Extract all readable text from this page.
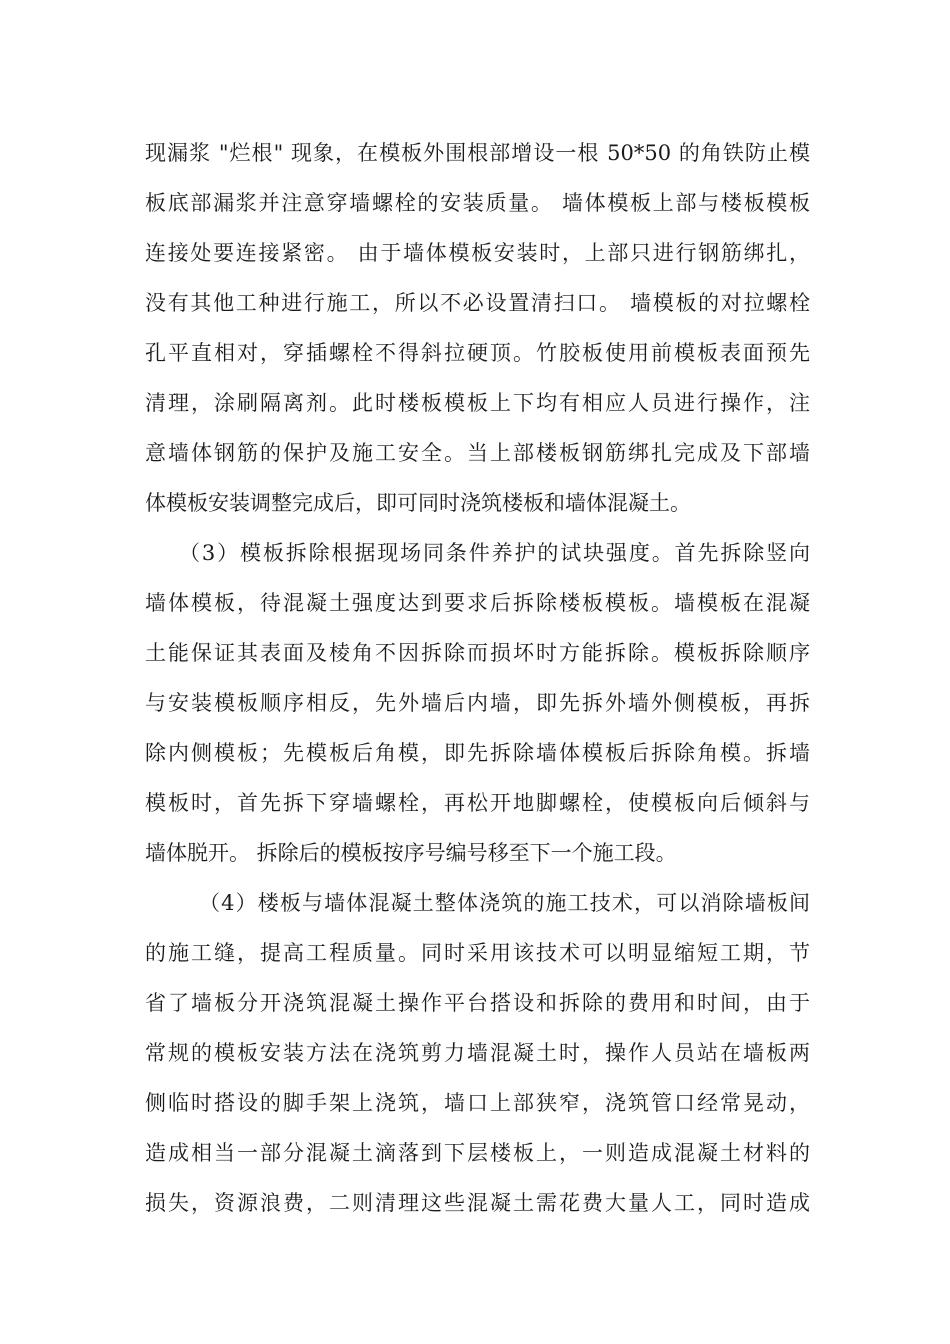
现漏浆 "烂根" 现象，在模板外围根部增设一根 50*50 的角铁防止模
板底部漏浆并注意穿墙螺栓的安装质量。 墙体模板上部与楼板模板
连接处要连接紧密。 由于墙体模板安装时，上部只进行钢筋绑扎，
没有其他工种进行施工，所以不必设置清扫口。 墙模板的对拉螺栓
孔平直相对，穿插螺栓不得斜拉硬顶。竹胶板使用前模板表面预先
清理，涂刷隔离剂。此时楼板模板上下均有相应人员进行操作，注
意墙体钢筋的保护及施工安全。当上部楼板钢筋绑扎完成及下部墙
体模板安装调整完成后，即可同时浇筑楼板和墙体混凝土。
（3）模板拆除根据现场同条件养护的试块强度。首先拆除竖向
墙体模板，待混凝土强度达到要求后拆除楼板模板。墙模板在混凝
土能保证其表面及棱角不因拆除而损坏时方能拆除。模板拆除顺序
与安装模板顺序相反，先外墙后内墙，即先拆外墙外侧模板，再拆
除内侧模板；先模板后角模，即先拆除墙体模板后拆除角模。拆墙
模板时，首先拆下穿墙螺栓，再松开地脚螺栓，使模板向后倾斜与
墙体脱开。 拆除后的模板按序号编号移至下一个施工段。
（4）楼板与墙体混凝土整体浇筑的施工技术，可以消除墙板间
的施工缝，提高工程质量。同时采用该技术可以明显缩短工期，节
省了墙板分开浇筑混凝土操作平台搭设和拆除的费用和时间，由于
常规的模板安装方法在浇筑剪力墙混凝土时，操作人员站在墙板两
侧临时搭设的脚手架上浇筑，墙口上部狭窄，浇筑管口经常晃动，
造成相当一部分混凝土滴落到下层楼板上，一则造成混凝土材料的
损失，资源浪费，二则清理这些混凝土需花费大量人工，同时造成
